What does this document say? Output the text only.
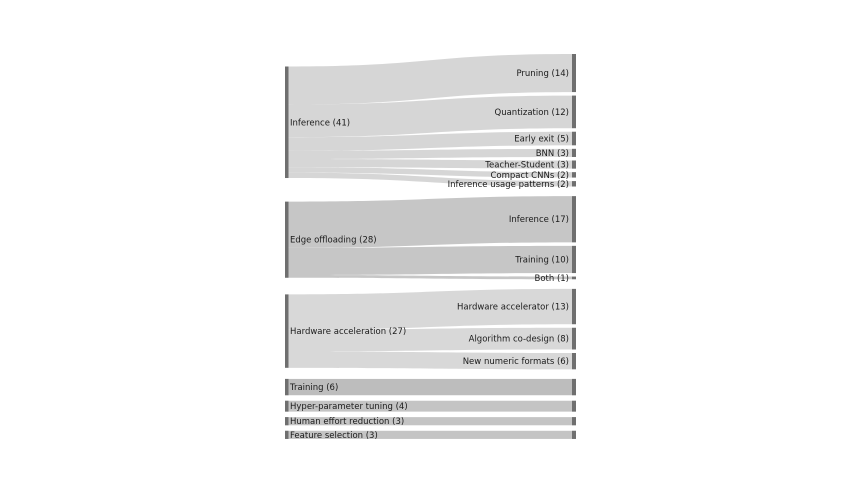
Inference (41)
Pruning (14)
Quantization (12)
Early exit (5)
BNN (3)
Teacher-Student (3)
Compact CNNs (2)
Inference usage patterns (2)
Edge offloading (28)
Inference (17)
Training (10)
Both (1)
Hardware acceleration (27)
Hardware accelerator (13)
Algorithm co-design (8)
New numeric formats (6)
Training (6)
Hyper-parameter tuning (4)
Human effort reduction (3)
Feature selection (3)
